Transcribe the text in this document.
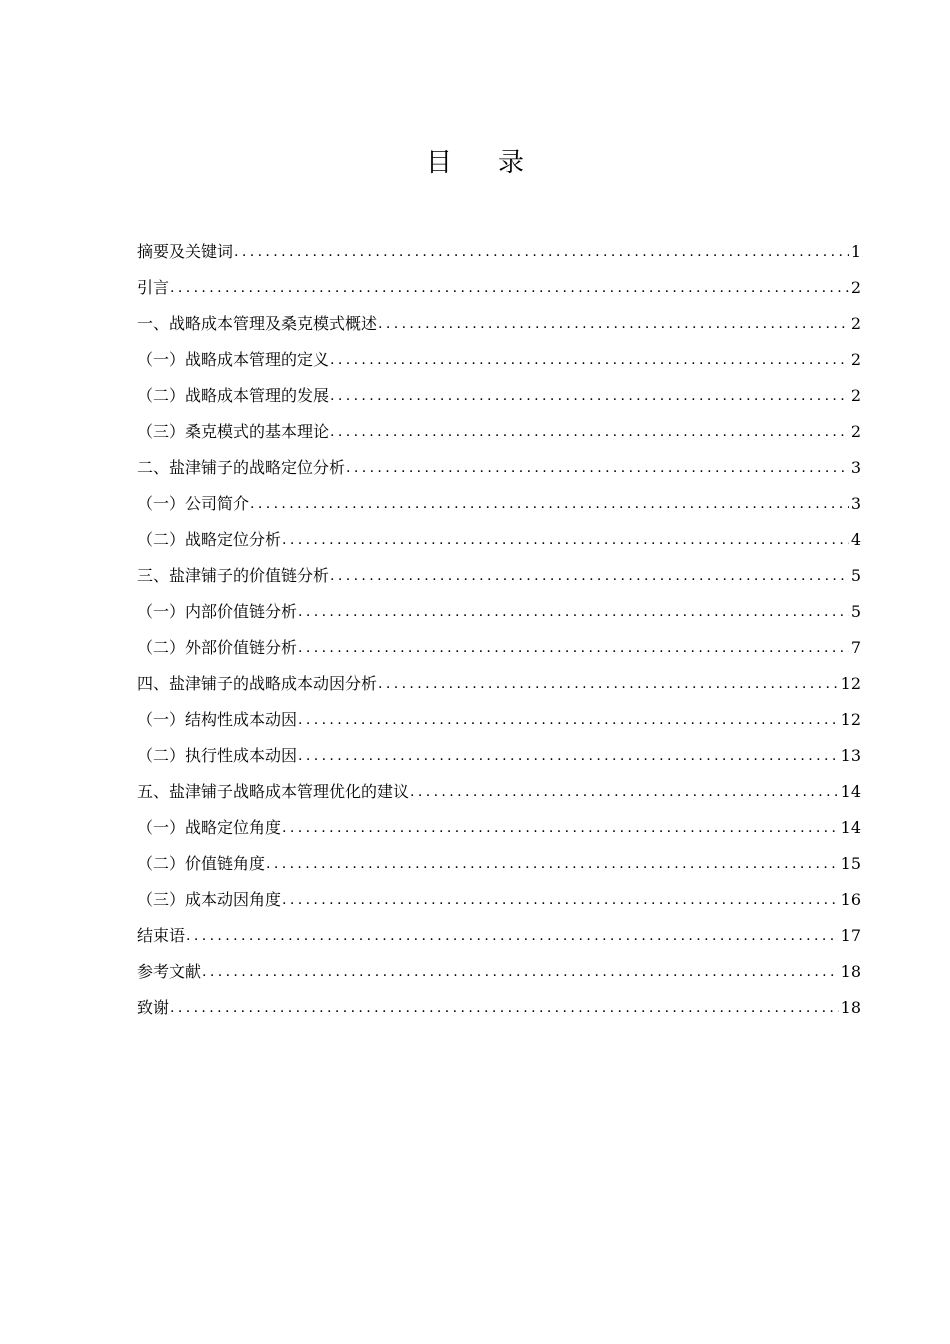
目录
摘要及关键词 .....	1
引言 .....	2
一、战略成本管理及桑克模式概述 .....	2
（一）战略成本管理的定义 .....	2
（二）战略成本管理的发展 .....	2
（三）桑克模式的基本理论 .....	2
二、盐津铺子的战略定位分析 .....	3
（一）公司简介 .....	3
（二）战略定位分析 .....	4
三、盐津铺子的价值链分析 .....	5
（一）内部价值链分析 .....	5
（二）外部价值链分析 .....	7
四、盐津铺子的战略成本动因分析 .....	12
（一）结构性成本动因 .....	12
（二）执行性成本动因 .....	13
五、盐津铺子战略成本管理优化的建议 .....	14
（一）战略定位角度 .....	14
（二）价值链角度 .....	15
（三）成本动因角度 .....	16
结束语 .....	17
参考文献 .....	18
致谢 .....	18
